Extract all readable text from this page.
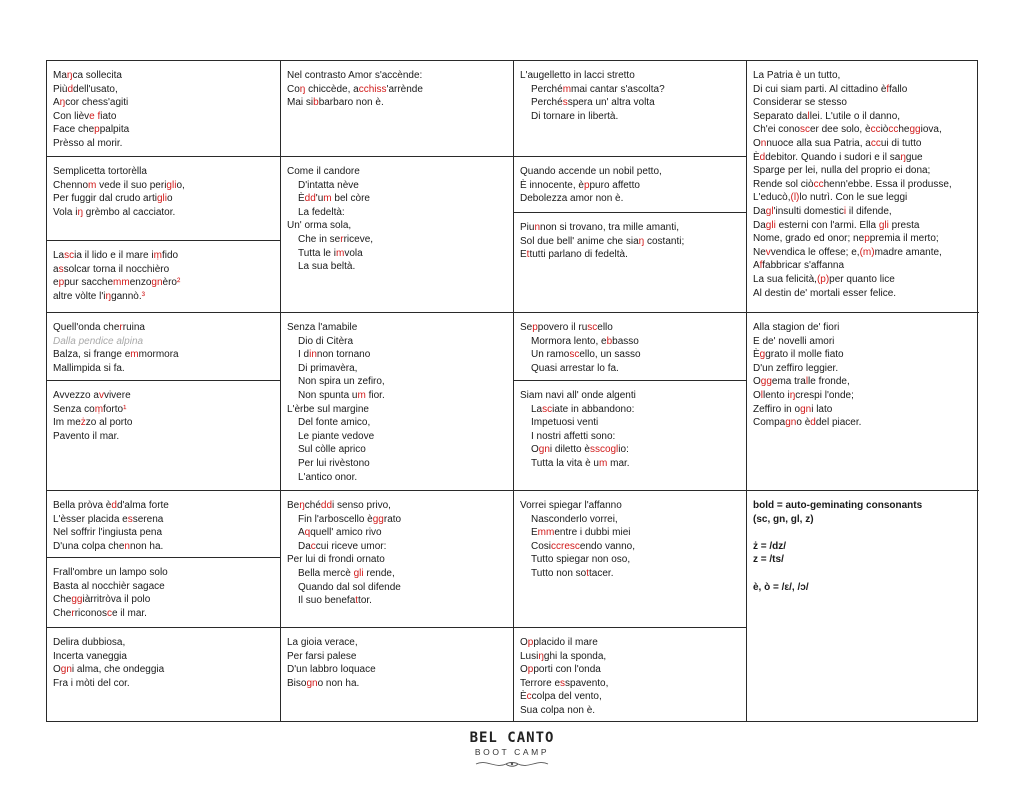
Maŋca sollecita
Piùddell'usato,
Aŋcor chess'agiti
Con liève fiato
Face cheppalpita
Prèsso al morir.
Semplicetta tortorèlla
Chennom vede il suo periglio,
Per fuggir dal crudo artiglio
Vola iŋ grèmbo al cacciator.
Lascia il lido e il mare iṃfido
assolcar torna il nocchièro
eppur sacchemmenzognèro²
altre vòlte l'iŋgannò.³
Quell'onda cherruina
Dalla pendice alpina
Balza, si frange emmormora
Mallimpida si fa.
Avvezzo avvivere
Senza coṃforto¹
Im meżzo al porto
Pavento il mar.
Bella pròva èdd'alma forte
L'èsser placida esserena
Nel soffrir l'ingiusta pena
D'una colpa chennon ha.
Frall'ombre un lampo solo
Basta al nocchièr sagace
Cheggiàrritròva il polo
Cherriconosce il mar.
Delira dubbiosa,
Incerta vaneggia
Ogni alma, che ondeggia
Fra i mòti del cor.
Nel contrasto Amor s'accènde:
Coŋ chiccède, acchiss'arrènde
Mai sibbarbaro non è.
Come il candore
D'intatta nève
Èdd'um bel còre
La fedeltà:
Un' orma sola,
Che in serriceve,
Tutta le imvola
La sua beltà.
Senza l'amabile
Dio di Citèra
I dinnon tornano
Di primavèra,
Non spira un zefiro,
Non spunta um fior.
L'èrbe sul margine
Del fonte amico,
Le piante vedove
Sul còlle aprico
Per lui rivèstono
L'antico onor.
Beŋchéddi senso privo,
Fin l'arboscello èggrato
Aqquell' amico rivo
Daccui riceve umor:
Per lui di frondi ornato
Bella mercè gli rende,
Quando dal sol difende
Il suo benefattor.
La gioia verace,
Per farsi palese
D'un labbro loquace
Bisogno non ha.
L'augelletto in lacci stretto
Perchémmai cantar s'ascolta?
Perchésspera un' altra volta
Di tornare in libertà.
Quando accende un nobil petto,
È innocente, èppuro affetto
Debolezza amor non è.
Piunnon si trovano, tra mille amanti,
Sol due bell' anime che siaŋ costanti;
Ettutti parlano di fedeltà.
Seppovero il ruscello
Mormora lento, ebbasso
Un ramoscello, un sasso
Quasi arrestar lo fa.
Siam navi all' onde algenti
Lasciate in abbandono:
Impetuosi venti
I nostri affetti sono:
Ogni diletto èsscoglio:
Tutta la vita è um mar.
Vorrei spiegar l'affanno
Nasconderlo vorrei,
Emmentre i dubbi miei
Cosiccrescendo vanno,
Tutto spiegar non oso,
Tutto non sottacer.
Opplacido il mare
Lusiŋghi la sponda,
Opporti con l'onda
Terrore esspavento,
Èccolpa del vento,
Sua colpa non è.
La Patria è un tutto,
Di cui siam parti. Al cittadino èffallo
Considerar se stesso
Separato dallei. L'utile o il danno,
Ch'ei conoscer dee solo, ècciòccheggiova,
Onnuoce alla sua Patria, accui di tutto
Èddebitor. Quando i sudori e il saŋgue
Sparge per lei, nulla del proprio ei dona;
Rende sol ciòcchenn'ebbe. Essa il produsse,
L'educò,(l)lo nutrì. Con le sue leggi
Dagl'insulti domestici il difende,
Dagli esterni con l'armi. Ella gli presta
Nome, grado ed onor; neppremia il merto;
Nevvendica le offese; e,(m)madre amante,
Affabbricar s'affanna
La sua felicità,(p)per quanto lice
Al destin de' mortali esser felice.
Alla stagion de' fiori
E de' novelli amori
Èggrato il molle fiato
D'un zeffiro leggier.
Oggema tralle fronde,
Ollento iŋcrespi l'onde;
Zeffiro in ogni lato
Compagno èddel piacer.
bold = auto-geminating consonants
(sc, gn, gl, z)
ż = /dz/
z = /ts/
è, ò = /ε/, /ɔ/
BEL CANTO
BOOT CAMP
